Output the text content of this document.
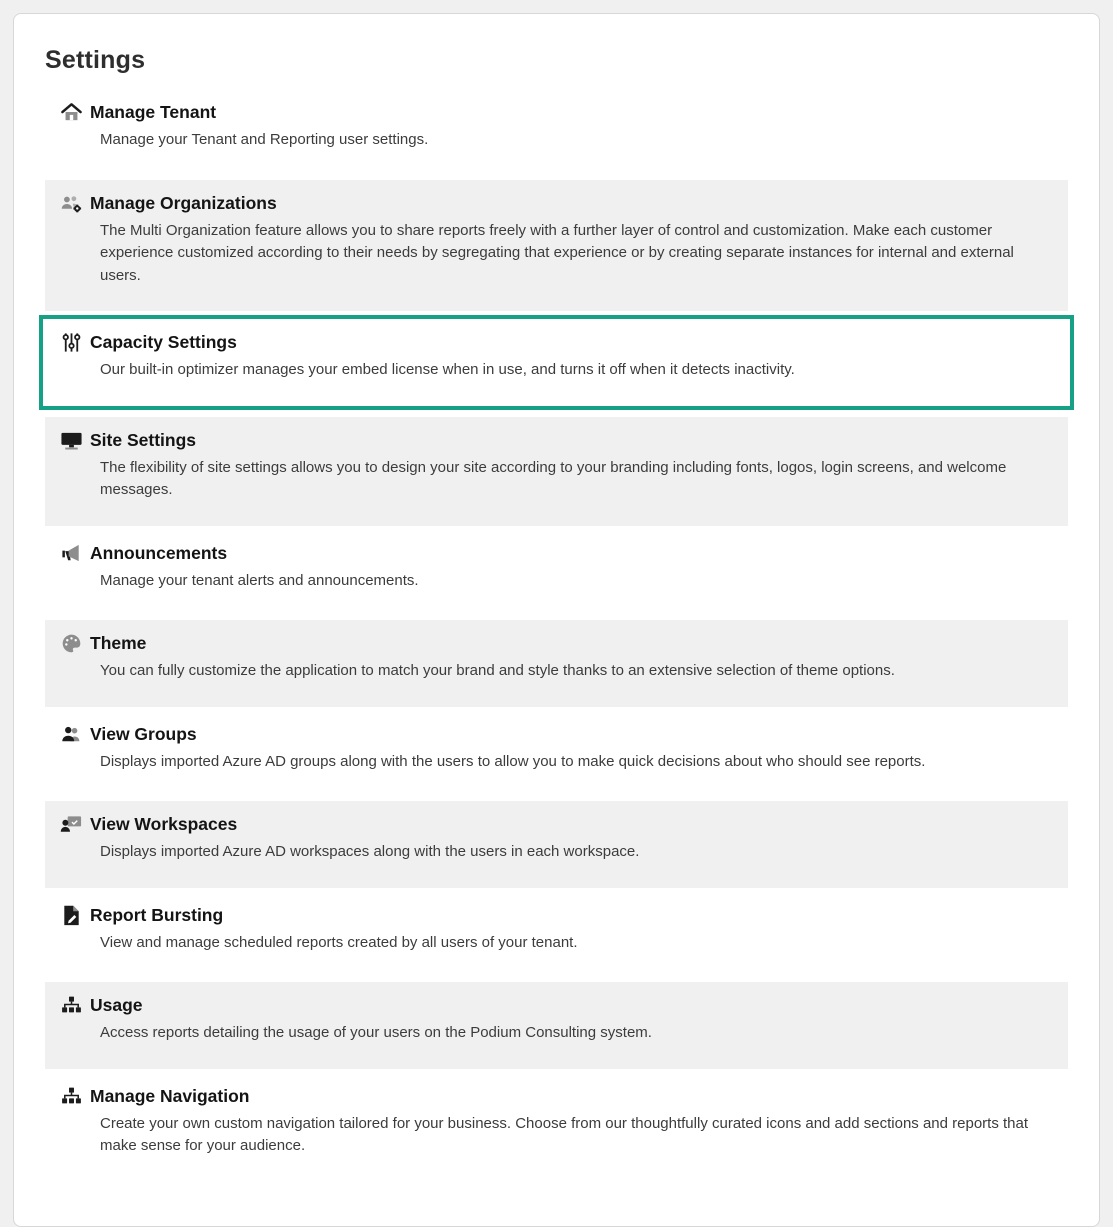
Settings
Manage Tenant
Manage your Tenant and Reporting user settings.
Manage Organizations
The Multi Organization feature allows you to share reports freely with a further layer of control and customization. Make each customer experience customized according to their needs by segregating that experience or by creating separate instances for internal and external users.
Capacity Settings
Our built-in optimizer manages your embed license when in use, and turns it off when it detects inactivity.
Site Settings
The flexibility of site settings allows you to design your site according to your branding including fonts, logos, login screens, and welcome messages.
Announcements
Manage your tenant alerts and announcements.
Theme
You can fully customize the application to match your brand and style thanks to an extensive selection of theme options.
View Groups
Displays imported Azure AD groups along with the users to allow you to make quick decisions about who should see reports.
View Workspaces
Displays imported Azure AD workspaces along with the users in each workspace.
Report Bursting
View and manage scheduled reports created by all users of your tenant.
Usage
Access reports detailing the usage of your users on the Podium Consulting system.
Manage Navigation
Create your own custom navigation tailored for your business. Choose from our thoughtfully curated icons and add sections and reports that make sense for your audience.
